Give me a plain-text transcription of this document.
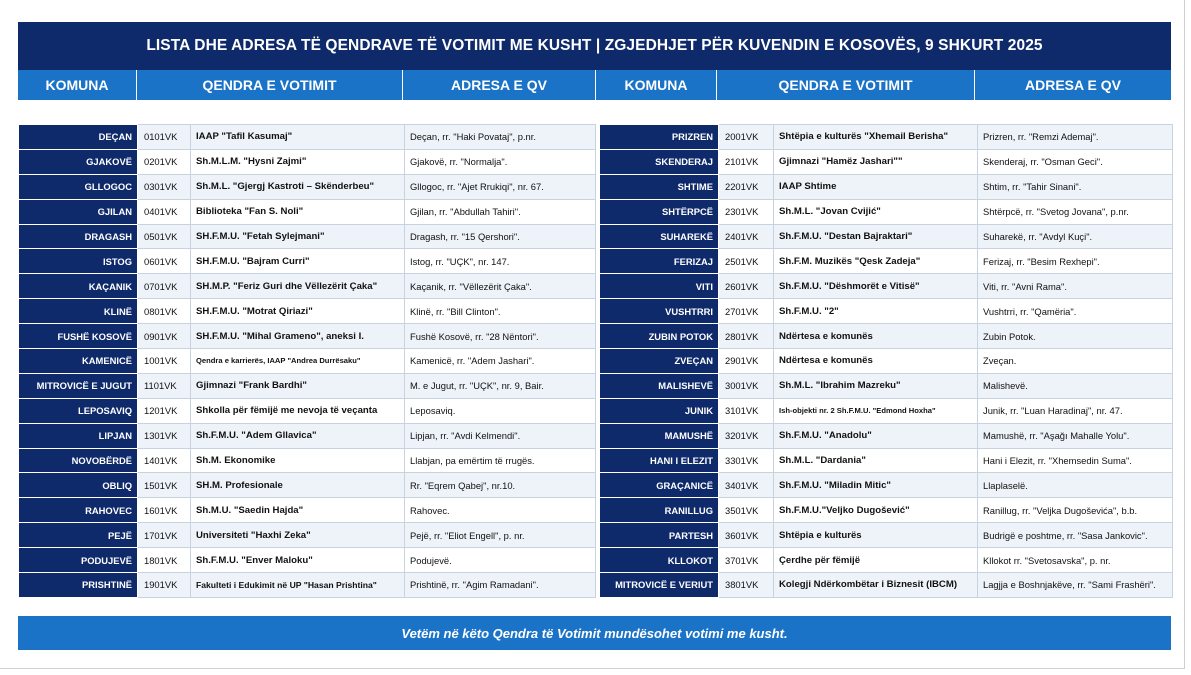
LISTA DHE ADRESA TË QENDRAVE TË VOTIMIT ME KUSHT | ZGJEDHJET PËR KUVENDIN E KOSOVËS, 9 SHKURT 2025
KOMUNA	QENDRA E VOTIMIT	ADRESA E QV	KOMUNA	QENDRA E VOTIMIT	ADRESA E QV
DEÇAN	0101VK	IAAP "Tafil Kasumaj"	Deçan, rr. "Haki Povataj", p.nr.
GJAKOVË	0201VK	Sh.M.L.M. "Hysni Zajmi"	Gjakovë, rr. "Normalja".
GLLOGOC	0301VK	Sh.M.L. "Gjergj Kastroti – Skënderbeu"	Gllogoc, rr. "Ajet Rrukiqi", nr. 67.
GJILAN	0401VK	Biblioteka "Fan S. Noli"	Gjilan, rr. "Abdullah Tahiri".
DRAGASH	0501VK	SH.F.M.U. "Fetah Sylejmani"	Dragash, rr. "15 Qershori".
ISTOG	0601VK	SH.F.M.U. "Bajram Curri"	Istog, rr. "UÇK", nr. 147.
KAÇANIK	0701VK	SH.M.P. "Feriz Guri dhe Vëllezërit Çaka"	Kaçanik, rr. "Vëllezërit Çaka".
KLINË	0801VK	SH.F.M.U. "Motrat Qiriazi"	Klinë, rr. "Bill Clinton".
FUSHË KOSOVË	0901VK	SH.F.M.U. "Mihal Grameno", aneksi I.	Fushë Kosovë, rr. "28 Nëntori".
KAMENICË	1001VK	Qendra e karrierës, IAAP "Andrea Durrësaku"	Kamenicë, rr. "Adem Jashari".
MITROVICË E JUGUT	1101VK	Gjimnazi "Frank Bardhi"	M. e Jugut, rr. "UÇK", nr. 9, Bair.
LEPOSAVIQ	1201VK	Shkolla për fëmijë me nevoja të veçanta	Leposaviq.
LIPJAN	1301VK	Sh.F.M.U. "Adem Gllavica"	Lipjan, rr. "Avdi Kelmendi".
NOVOBËRDË	1401VK	Sh.M. Ekonomike	Llabjan, pa emërtim të rrugës.
OBLIQ	1501VK	SH.M. Profesionale	Rr. "Eqrem Qabej", nr.10.
RAHOVEC	1601VK	Sh.M.U. "Saedin Hajda"	Rahovec.
PEJË	1701VK	Universiteti "Haxhi Zeka"	Pejë, rr. "Eliot Engell", p. nr.
PODUJEVË	1801VK	Sh.F.M.U. "Enver Maloku"	Podujevë.
PRISHTINË	1901VK	Fakulteti i Edukimit në UP "Hasan Prishtina"	Prishtinë, rr. "Agim Ramadani".
PRIZREN	2001VK	Shtëpia e kulturës "Xhemail Berisha"	Prizren, rr. "Remzi Ademaj".
SKENDERAJ	2101VK	Gjimnazi "Hamëz Jashari""	Skenderaj, rr. "Osman Geci".
SHTIME	2201VK	IAAP Shtime	Shtim, rr. "Tahir Sinani".
SHTËRPCË	2301VK	Sh.M.L. "Jovan Cvijić"	Shtërpcë, rr. "Svetog Jovana", p.nr.
SUHAREKË	2401VK	Sh.F.M.U. "Destan Bajraktari"	Suharekë, rr. "Avdyl Kuçi".
FERIZAJ	2501VK	Sh.F.M. Muzikës "Qesk Zadeja"	Ferizaj, rr. "Besim Rexhepi".
VITI	2601VK	Sh.F.M.U. "Dëshmorët e Vitisë"	Viti, rr. "Avni Rama".
VUSHTRRI	2701VK	Sh.F.M.U. "2"	Vushtrri, rr. "Qamëria".
ZUBIN POTOK	2801VK	Ndërtesa e komunës	Zubin Potok.
ZVEÇAN	2901VK	Ndërtesa e komunës	Zveçan.
MALISHEVË	3001VK	Sh.M.L. "Ibrahim Mazreku"	Malishevë.
JUNIK	3101VK	Ish-objekti nr. 2 Sh.F.M.U. "Edmond Hoxha"	Junik, rr. "Luan Haradinaj", nr. 47.
MAMUSHË	3201VK	Sh.F.M.U. "Anadolu"	Mamushë, rr. "Aşağı Mahalle Yolu".
HANI I ELEZIT	3301VK	Sh.M.L. "Dardania"	Hani i Elezit, rr. "Xhemsedin Suma".
GRAÇANICË	3401VK	Sh.F.M.U. "Miladin Mitic"	Llaplaselë.
RANILLUG	3501VK	Sh.F.M.U."Veljko Dugošević"	Ranillug, rr. "Veljka Dugoševića", b.b.
PARTESH	3601VK	Shtëpia e kulturës	Budrigë e poshtme, rr. "Sasa Jankovic".
KLLOKOT	3701VK	Çerdhe për fëmijë	Kllokot rr. "Svetosavska", p. nr.
MITROVICË E VERIUT	3801VK	Kolegji Ndërkombëtar i Biznesit (IBCM)	Lagjja e Boshnjakëve, rr. "Sami Frashëri".
Vetëm në këto Qendra të Votimit mundësohet votimi me kusht.
